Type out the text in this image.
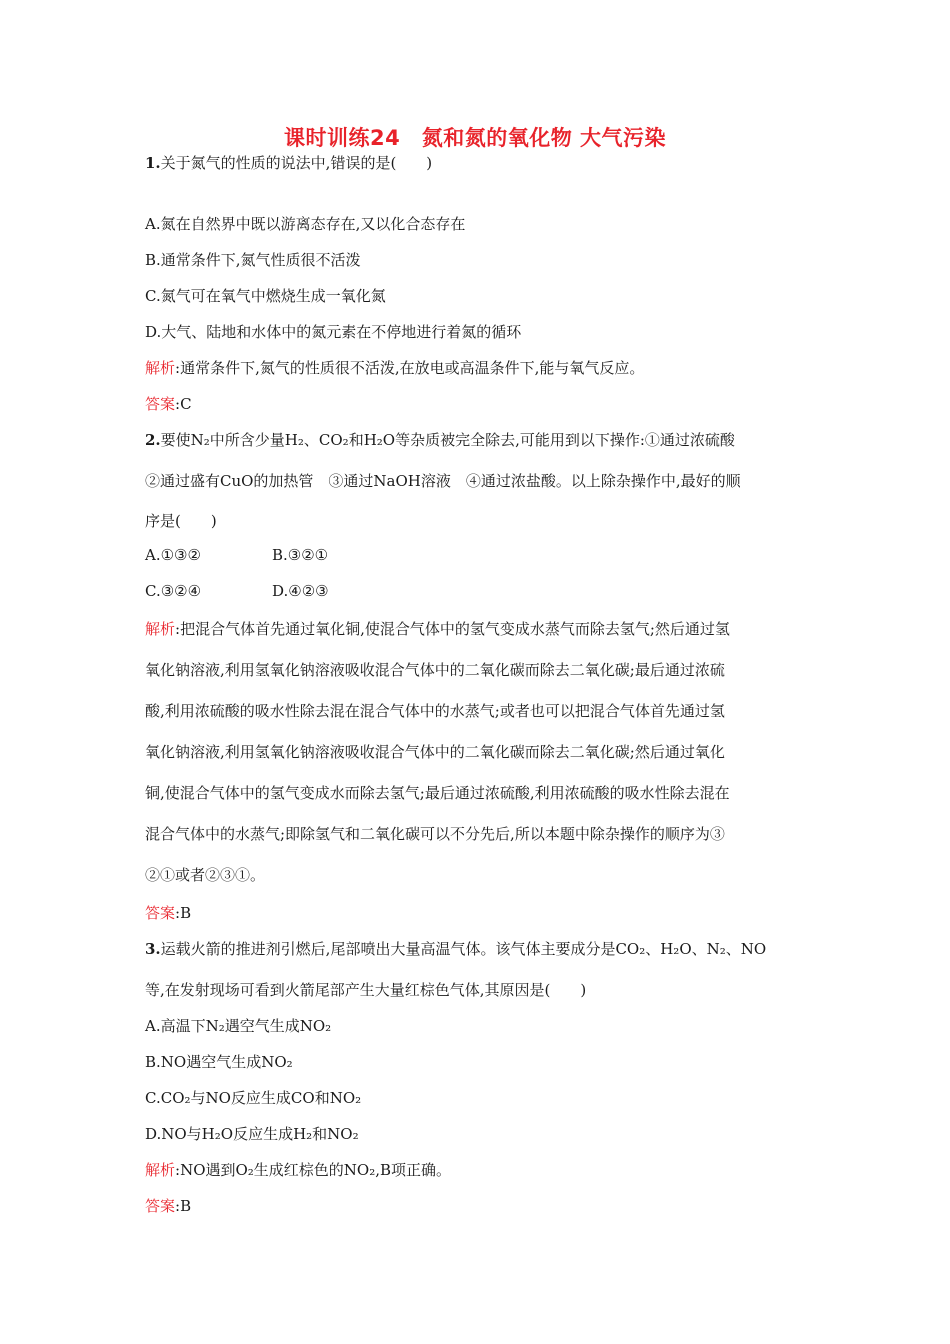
课时训练24　氮和氮的氧化物 大气污染
1.关于氮气的性质的说法中,错误的是(　　)
A.氮在自然界中既以游离态存在,又以化合态存在
B.通常条件下,氮气性质很不活泼
C.氮气可在氧气中燃烧生成一氧化氮
D.大气、陆地和水体中的氮元素在不停地进行着氮的循环
解析:通常条件下,氮气的性质很不活泼,在放电或高温条件下,能与氧气反应。
答案:C
2.要使N₂中所含少量H₂、CO₂和H₂O等杂质被完全除去,可能用到以下操作:①通过浓硫酸
②通过盛有CuO的加热管　③通过NaOH溶液　④通过浓盐酸。以上除杂操作中,最好的顺
序是(　　)
A.①③②	B.③②①
C.③②④	D.④②③
解析:把混合气体首先通过氧化铜,使混合气体中的氢气变成水蒸气而除去氢气;然后通过氢
氧化钠溶液,利用氢氧化钠溶液吸收混合气体中的二氧化碳而除去二氧化碳;最后通过浓硫
酸,利用浓硫酸的吸水性除去混在混合气体中的水蒸气;或者也可以把混合气体首先通过氢
氧化钠溶液,利用氢氧化钠溶液吸收混合气体中的二氧化碳而除去二氧化碳;然后通过氧化
铜,使混合气体中的氢气变成水而除去氢气;最后通过浓硫酸,利用浓硫酸的吸水性除去混在
混合气体中的水蒸气;即除氢气和二氧化碳可以不分先后,所以本题中除杂操作的顺序为③
②①或者②③①。
答案:B
3.运载火箭的推进剂引燃后,尾部喷出大量高温气体。该气体主要成分是CO₂、H₂O、N₂、NO
等,在发射现场可看到火箭尾部产生大量红棕色气体,其原因是(　　)
A.高温下N₂遇空气生成NO₂
B.NO遇空气生成NO₂
C.CO₂与NO反应生成CO和NO₂
D.NO与H₂O反应生成H₂和NO₂
解析:NO遇到O₂生成红棕色的NO₂,B项正确。
答案:B
